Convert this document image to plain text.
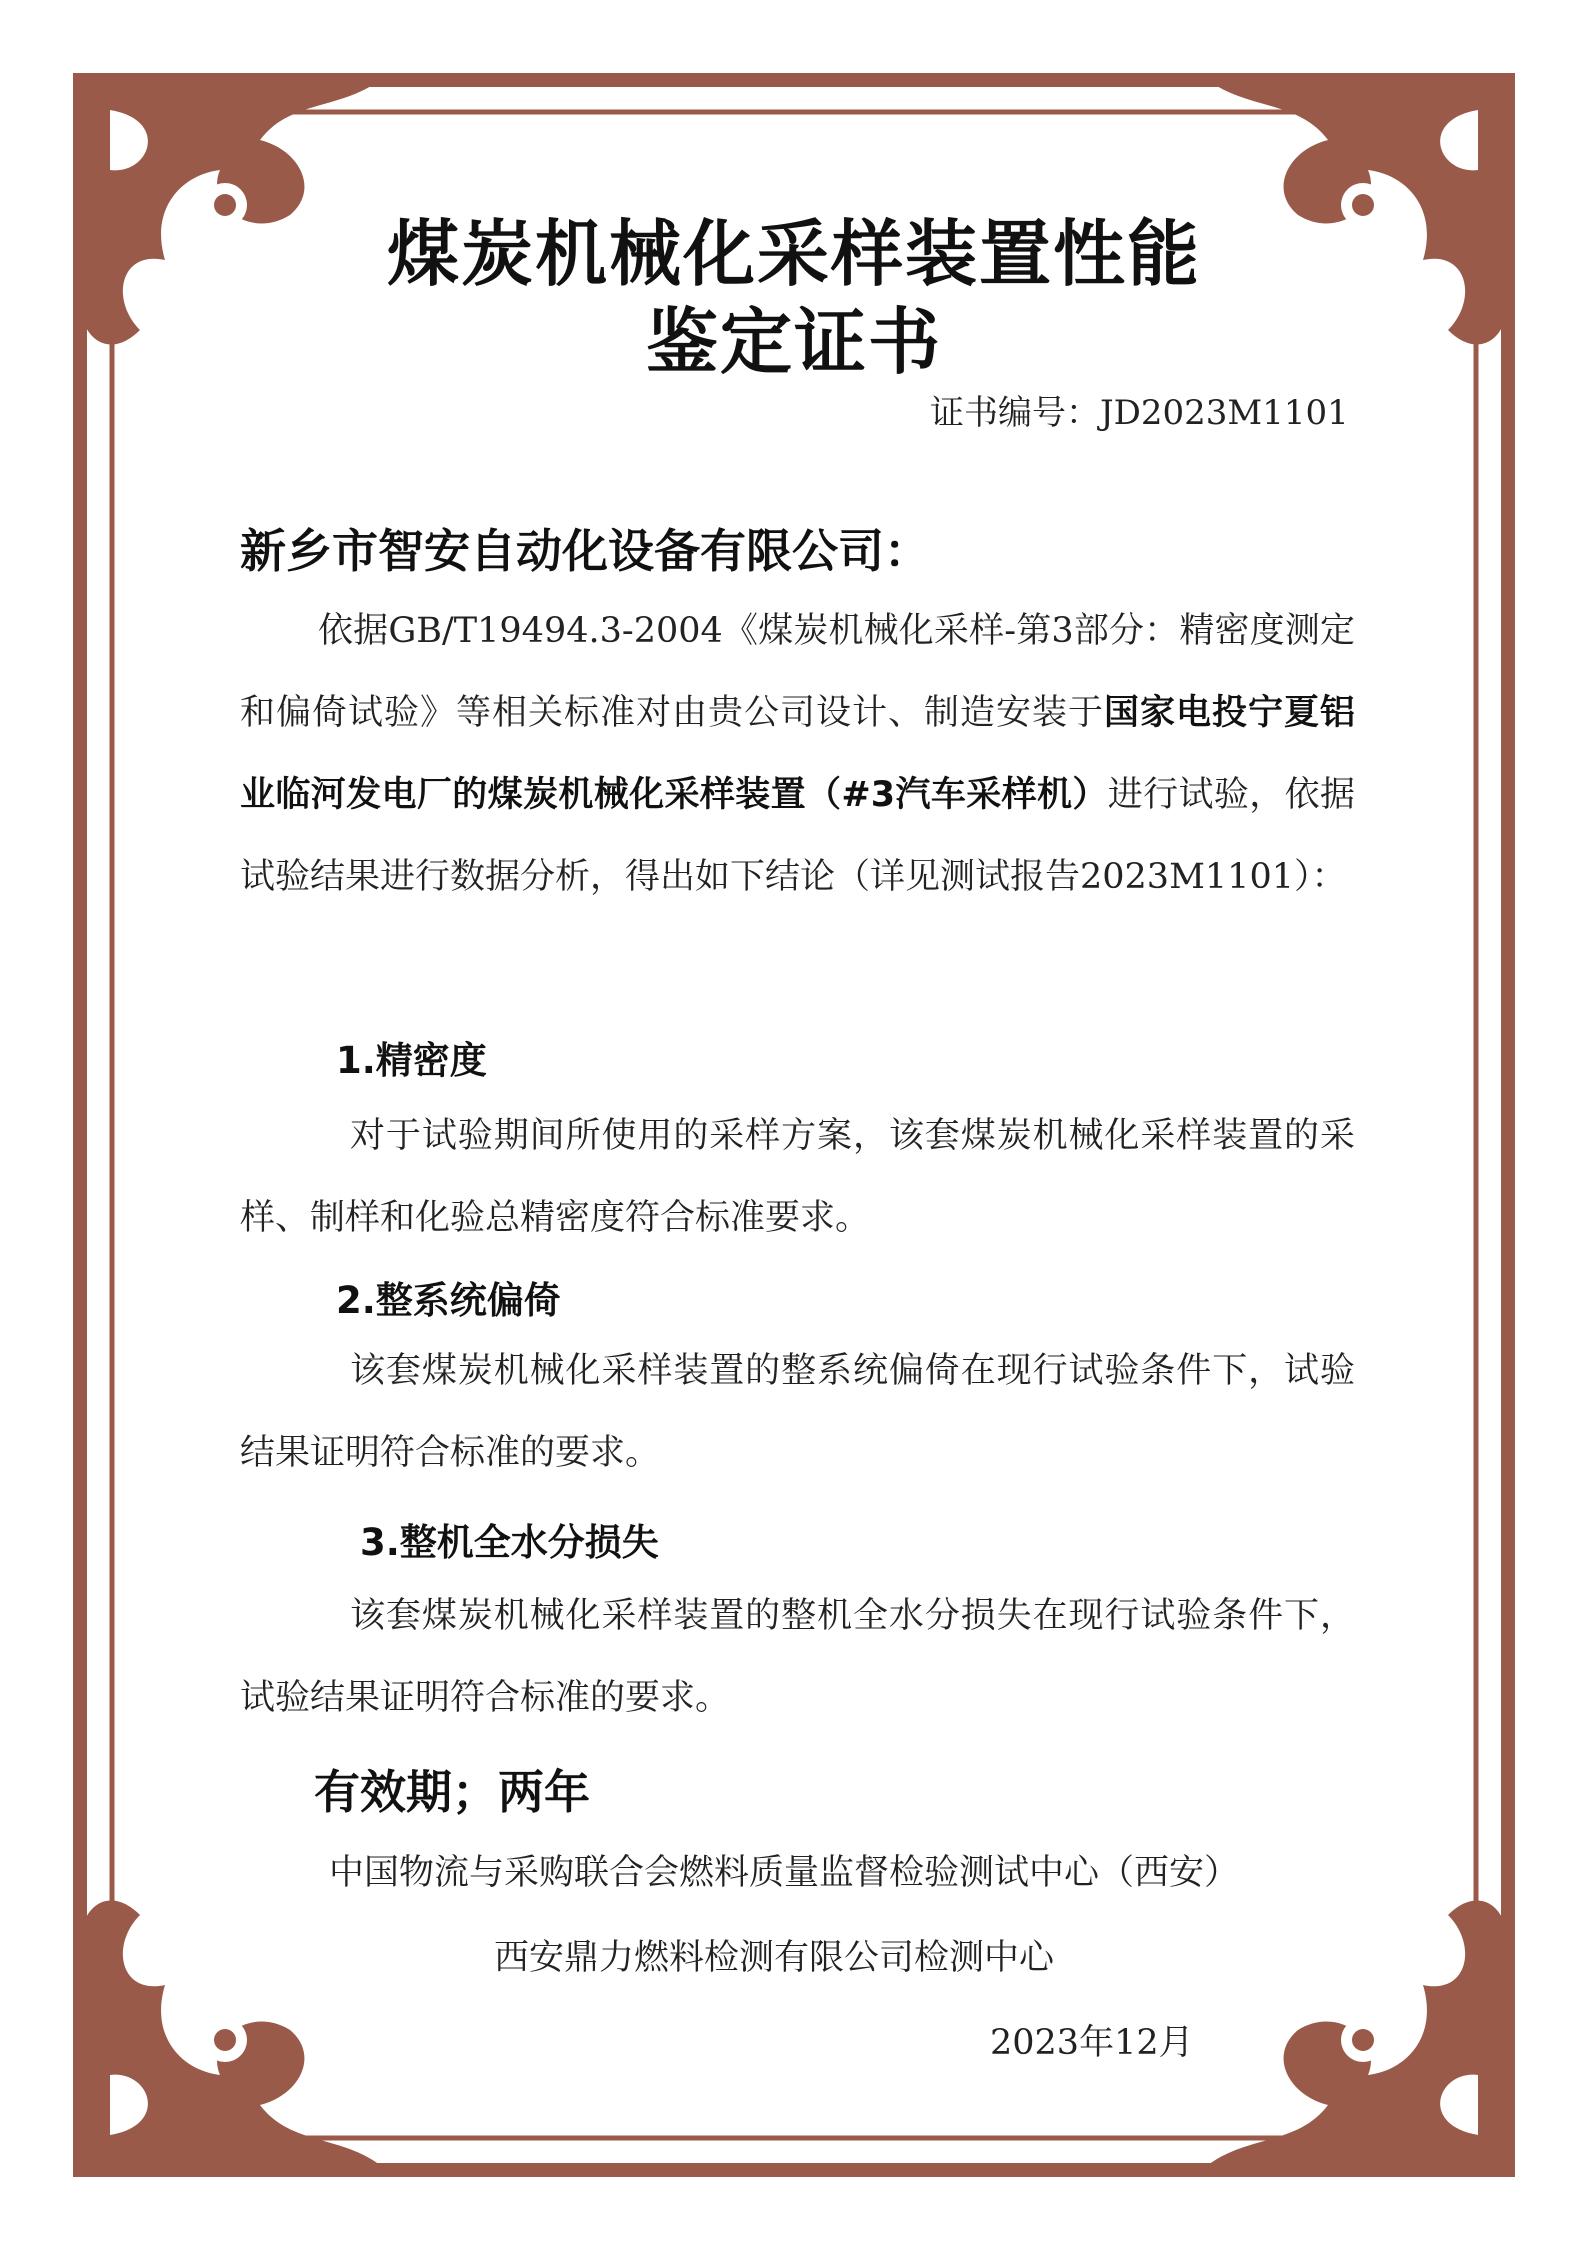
煤炭机械化采样装置性能
鉴定证书
证书编号：JD2023M1101
新乡市智安自动化设备有限公司：
依据GB/T19494.3-2004《煤炭机械化采样-第3部分：精密度测定和偏倚试验》等相关标准对由贵公司设计、制造安装于国家电投宁夏铝业临河发电厂的煤炭机械化采样装置（#3汽车采样机）进行试验，依据试验结果进行数据分析，得出如下结论（详见测试报告2023M1101）：
1.精密度
对于试验期间所使用的采样方案，该套煤炭机械化采样装置的采样、制样和化验总精密度符合标准要求。
2.整系统偏倚
该套煤炭机械化采样装置的整系统偏倚在现行试验条件下，试验结果证明符合标准的要求。
3.整机全水分损失
该套煤炭机械化采样装置的整机全水分损失在现行试验条件下，试验结果证明符合标准的要求。
有效期；两年
中国物流与采购联合会燃料质量监督检验测试中心（西安）
西安鼎力燃料检测有限公司检测中心
2023年12月
